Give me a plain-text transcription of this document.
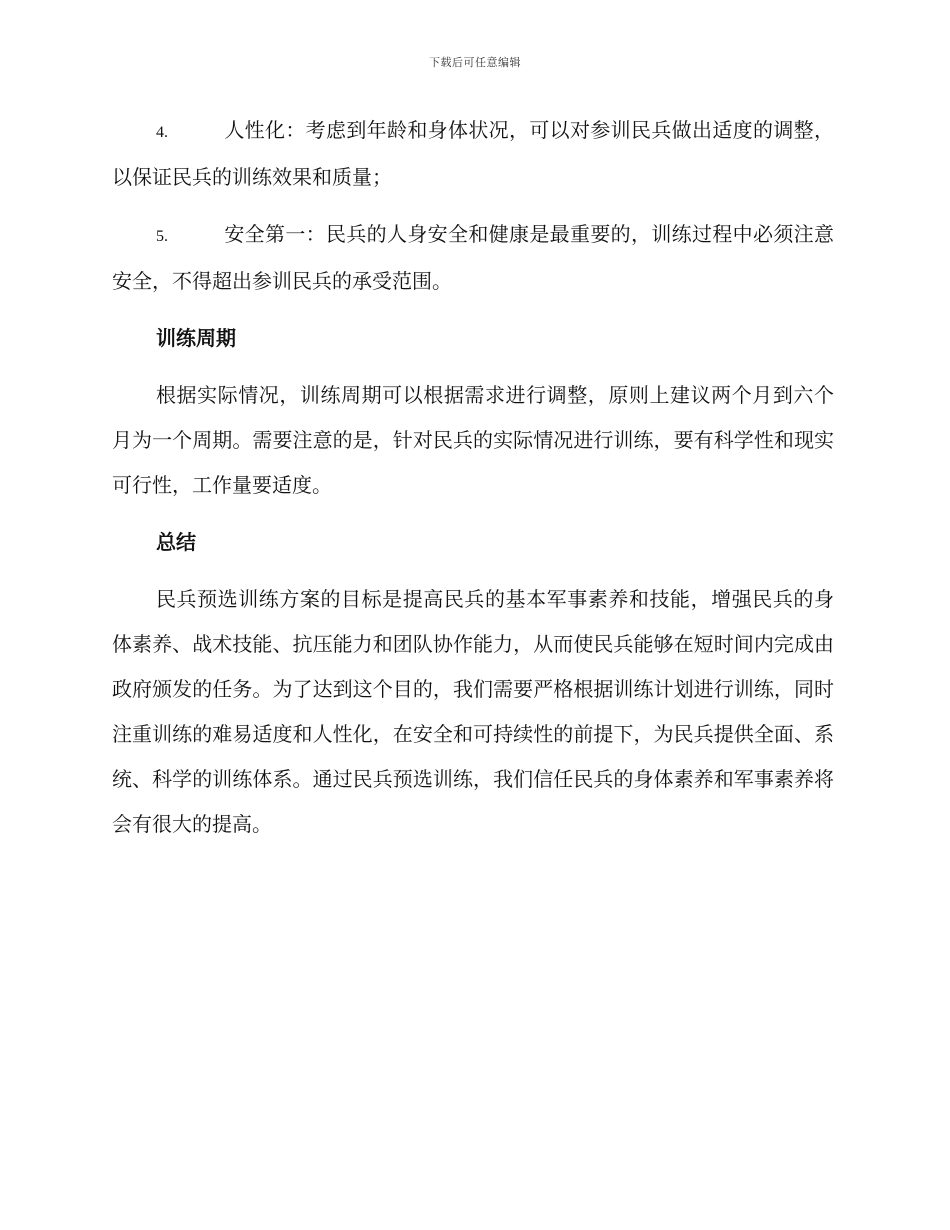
下载后可任意编辑

4.	人性化：考虑到年龄和身体状况，可以对参训民兵做出适度的调整，以保证民兵的训练效果和质量；

5.	安全第一：民兵的人身安全和健康是最重要的，训练过程中必须注意安全，不得超出参训民兵的承受范围。

训练周期

根据实际情况，训练周期可以根据需求进行调整，原则上建议两个月到六个月为一个周期。需要注意的是，针对民兵的实际情况进行训练，要有科学性和现实可行性，工作量要适度。

总结

民兵预选训练方案的目标是提高民兵的基本军事素养和技能，增强民兵的身体素养、战术技能、抗压能力和团队协作能力，从而使民兵能够在短时间内完成由政府颁发的任务。为了达到这个目的，我们需要严格根据训练计划进行训练，同时注重训练的难易适度和人性化，在安全和可持续性的前提下，为民兵提供全面、系统、科学的训练体系。通过民兵预选训练，我们信任民兵的身体素养和军事素养将会有很大的提高。
